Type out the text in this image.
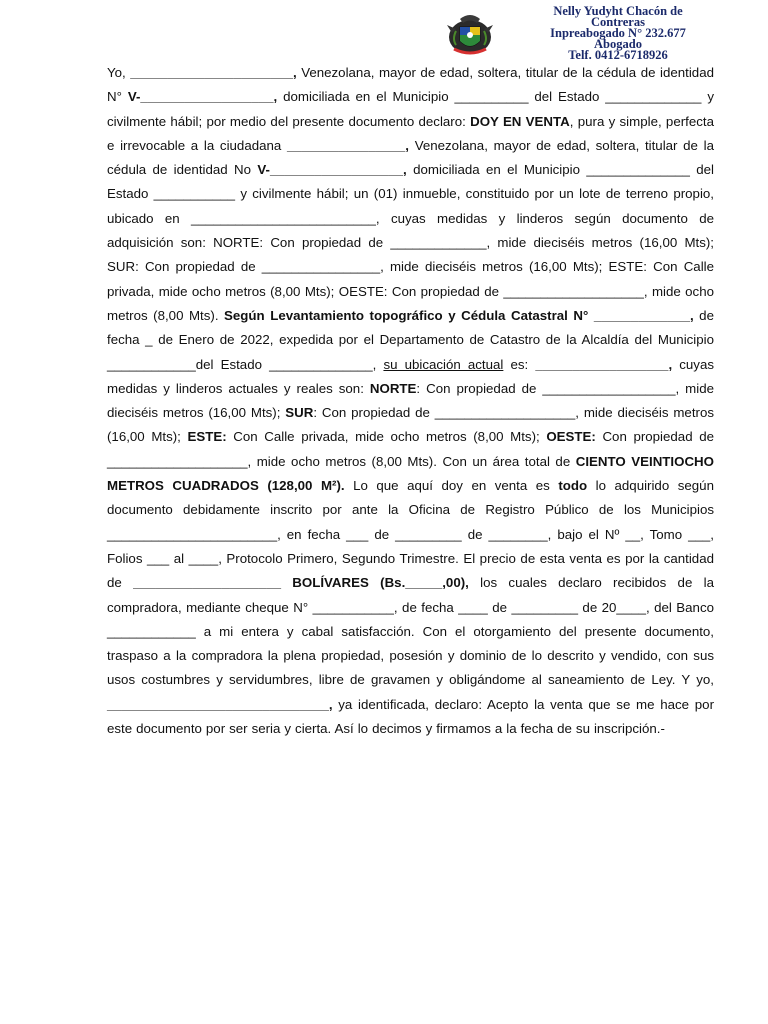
Nelly Yudyht Chacón de
Contreras
Inpreabogado N° 232.677
Abogado
Telf. 0412-6718926

Yo, ______________________, Venezolana, mayor de edad, soltera, titular de la cédula de identidad N° V-__________________, domiciliada en el Municipio __________ del Estado _____________ y civilmente hábil; por medio del presente documento declaro: DOY EN VENTA, pura y simple, perfecta e irrevocable a la ciudadana ________________, Venezolana, mayor de edad, soltera, titular de la cédula de identidad No V-__________________, domiciliada en el Municipio ______________ del Estado ___________ y civilmente hábil; un (01) inmueble, constituido por un lote de terreno propio, ubicado en _________________________, cuyas medidas y linderos según documento de adquisición son: NORTE: Con propiedad de _____________, mide dieciséis metros (16,00 Mts); SUR: Con propiedad de ________________, mide dieciséis metros (16,00 Mts); ESTE: Con Calle privada, mide ocho metros (8,00 Mts); OESTE: Con propiedad de ___________________, mide ocho metros (8,00 Mts). Según Levantamiento topográfico y Cédula Catastral N° _____________, de fecha _ de Enero de 2022, expedida por el Departamento de Catastro de la Alcaldía del Municipio ____________del Estado ______________, su ubicación actual es: __________________, cuyas medidas y linderos actuales y reales son: NORTE: Con propiedad de __________________, mide dieciséis metros (16,00 Mts); SUR: Con propiedad de ___________________, mide dieciséis metros (16,00 Mts); ESTE: Con Calle privada, mide ocho metros (8,00 Mts); OESTE: Con propiedad de ___________________, mide ocho metros (8,00 Mts). Con un área total de CIENTO VEINTIOCHO METROS CUADRADOS (128,00 M²). Lo que aquí doy en venta es todo lo adquirido según documento debidamente inscrito por ante la Oficina de Registro Público de los Municipios _______________________, en fecha ___ de _________ de ________, bajo el Nº __, Tomo ___, Folios ___ al ____, Protocolo Primero, Segundo Trimestre. El precio de esta venta es por la cantidad de ____________________ BOLÍVARES (Bs._____,00), los cuales declaro recibidos de la compradora, mediante cheque N° ___________, de fecha ____ de _________ de 20____, del Banco ____________ a mi entera y cabal satisfacción. Con el otorgamiento del presente documento, traspaso a la compradora la plena propiedad, posesión y dominio de lo descrito y vendido, con sus usos costumbres y servidumbres, libre de gravamen y obligándome al saneamiento de Ley. Y yo, ______________________________, ya identificada, declaro: Acepto la venta que se me hace por este documento por ser seria y cierta. Así lo decimos y firmamos a la fecha de su inscripción.-
